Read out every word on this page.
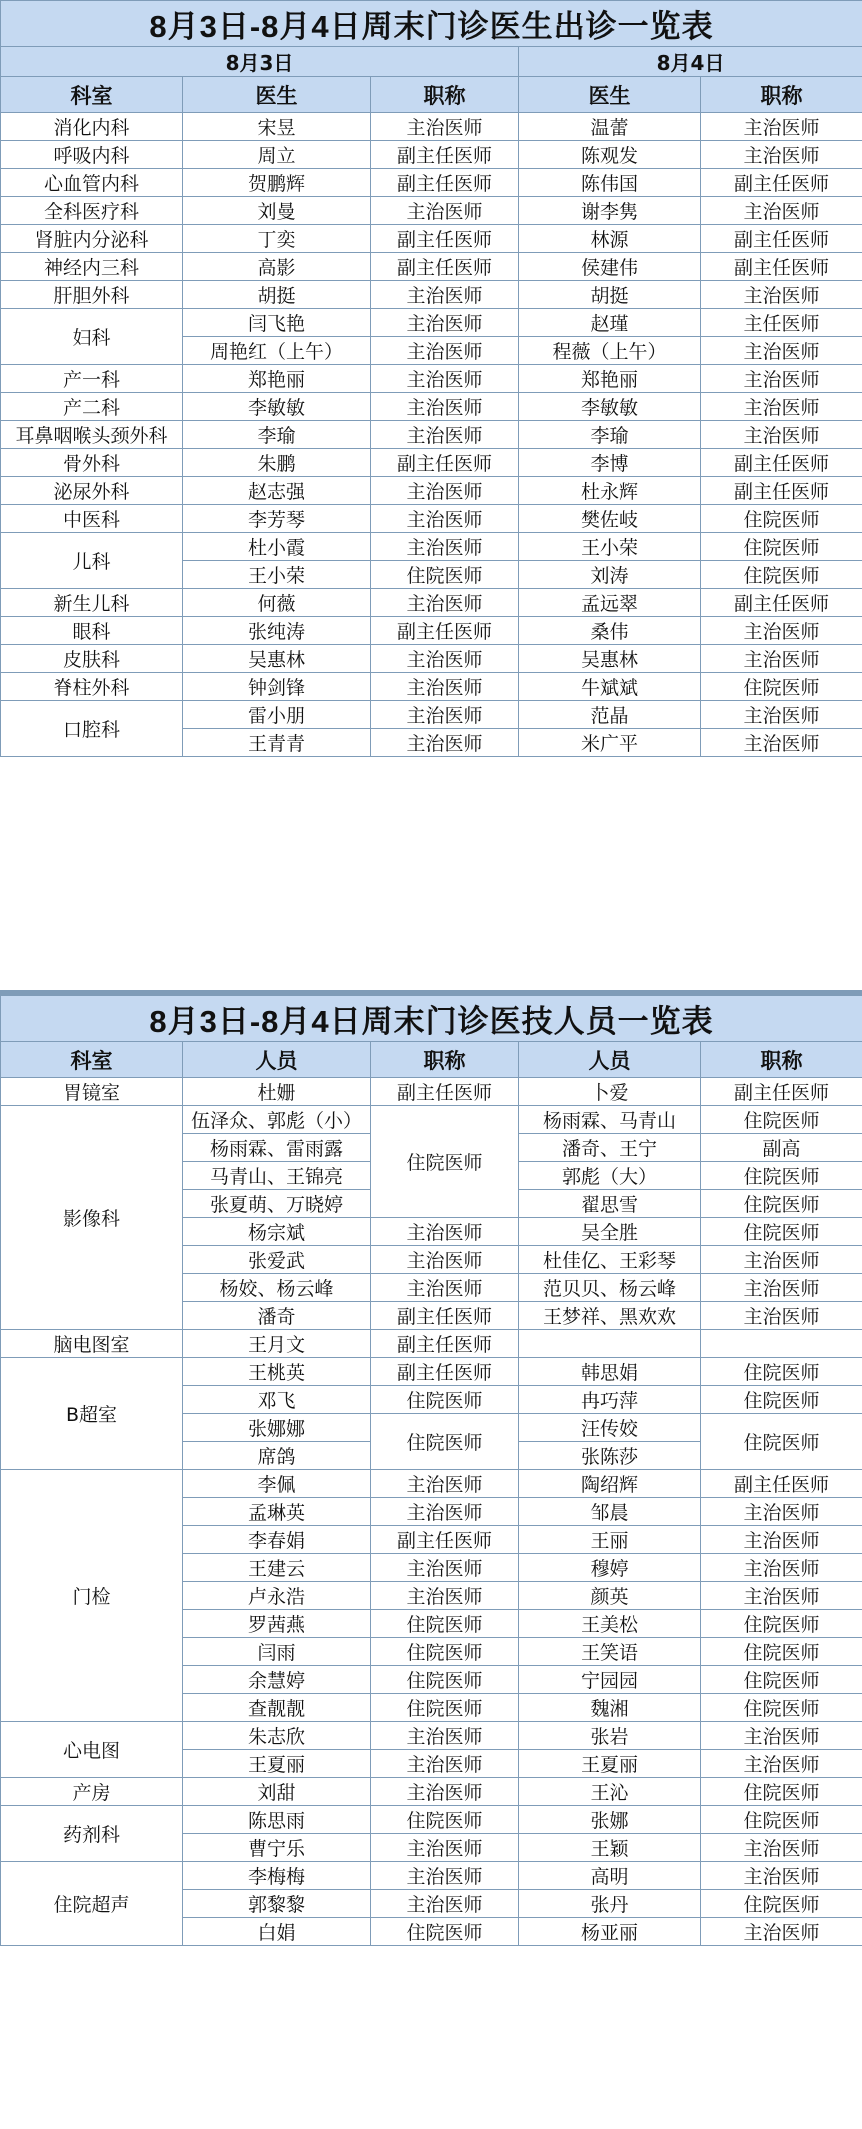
8月3日-8月4日周末门诊医生出诊一览表				
8月3日			8月4日	
科室	医生	职称	医生	职称
消化内科	宋昱	主治医师	温蕾	主治医师
呼吸内科	周立	副主任医师	陈观发	主治医师
心血管内科	贺鹏辉	副主任医师	陈伟国	副主任医师
全科医疗科	刘曼	主治医师	谢李隽	主治医师
肾脏内分泌科	丁奕	副主任医师	林源	副主任医师
神经内三科	高影	副主任医师	侯建伟	副主任医师
肝胆外科	胡挺	主治医师	胡挺	主治医师
妇科	闫飞艳	主治医师	赵瑾	主任医师
	周艳红（上午）	主治医师	程薇（上午）	主治医师
产一科	郑艳丽	主治医师	郑艳丽	主治医师
产二科	李敏敏	主治医师	李敏敏	主治医师
耳鼻咽喉头颈外科	李瑜	主治医师	李瑜	主治医师
骨外科	朱鹏	副主任医师	李博	副主任医师
泌尿外科	赵志强	主治医师	杜永辉	副主任医师
中医科	李芳琴	主治医师	樊佐岐	住院医师
儿科	杜小霞	主治医师	王小荣	住院医师
	王小荣	住院医师	刘涛	住院医师
新生儿科	何薇	主治医师	孟远翠	副主任医师
眼科	张纯涛	副主任医师	桑伟	主治医师
皮肤科	吴惠林	主治医师	吴惠林	主治医师
脊柱外科	钟剑锋	主治医师	牛斌斌	住院医师
口腔科	雷小朋	主治医师	范晶	主治医师
	王青青	主治医师	米广平	主治医师
8月3日-8月4日周末门诊医技人员一览表				
科室	人员	职称	人员	职称
胃镜室	杜姗	副主任医师	卜爱	副主任医师
影像科	伍泽众、郭彪（小）	住院医师	杨雨霖、马青山	住院医师
	杨雨霖、雷雨露		潘奇、王宁	副高
	马青山、王锦亮		郭彪（大）	住院医师
	张夏萌、万晓婷		翟思雪	住院医师
	杨宗斌	主治医师	吴全胜	住院医师
	张爱武	主治医师	杜佳亿、王彩琴	主治医师
	杨姣、杨云峰	主治医师	范贝贝、杨云峰	主治医师
	潘奇	副主任医师	王梦祥、黑欢欢	主治医师
脑电图室	王月文	副主任医师		
B超室	王桃英	副主任医师	韩思娟	住院医师
	邓飞	住院医师	冉巧萍	住院医师
	张娜娜	住院医师	汪传姣	住院医师
	席鸽		张陈莎	
门检	李佩	主治医师	陶绍辉	副主任医师
	孟琳英	主治医师	邹晨	主治医师
	李春娟	副主任医师	王丽	主治医师
	王建云	主治医师	穆婷	主治医师
	卢永浩	主治医师	颜英	主治医师
	罗茜燕	住院医师	王美松	住院医师
	闫雨	住院医师	王笑语	住院医师
	余慧婷	住院医师	宁园园	住院医师
	查靓靓	住院医师	魏湘	住院医师
心电图	朱志欣	主治医师	张岩	主治医师
	王夏丽	主治医师	王夏丽	主治医师
产房	刘甜	主治医师	王沁	住院医师
药剂科	陈思雨	住院医师	张娜	住院医师
	曹宁乐	主治医师	王颖	主治医师
住院超声	李梅梅	主治医师	高明	主治医师
	郭黎黎	主治医师	张丹	住院医师
	白娟	住院医师	杨亚丽	主治医师
